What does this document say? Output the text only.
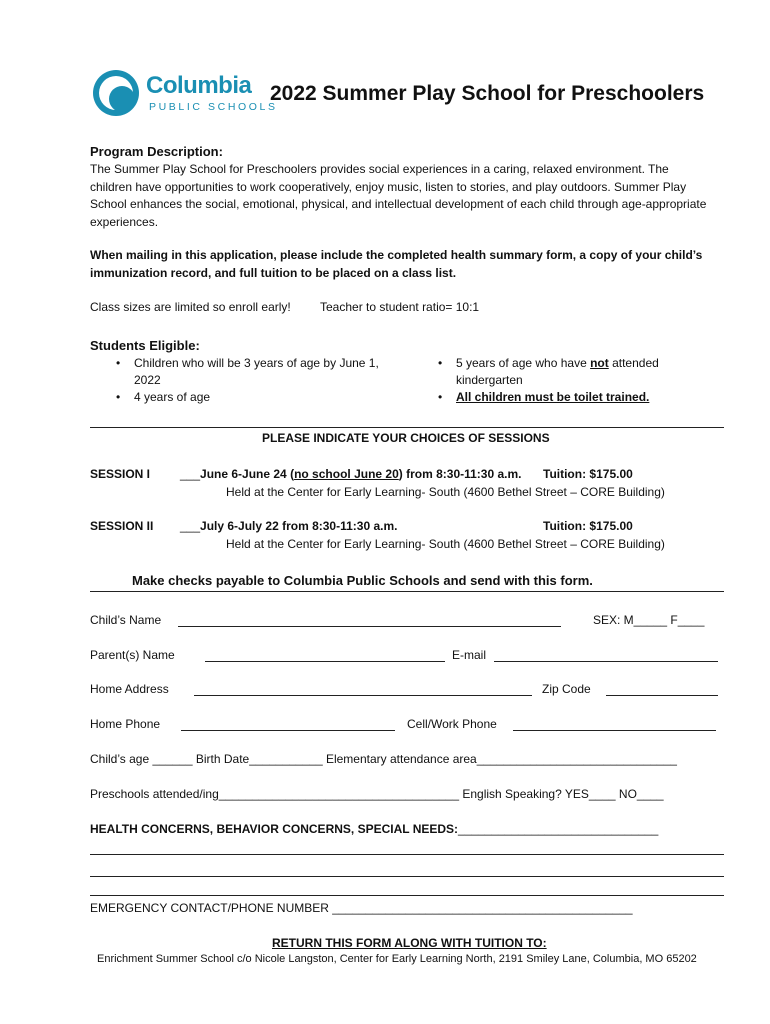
Columbia
PUBLIC SCHOOLS
2022 Summer Play School for Preschoolers
Program Description:
The Summer Play School for Preschoolers provides social experiences in a caring, relaxed environment. The children have opportunities to work cooperatively, enjoy music, listen to stories, and play outdoors. Summer Play School enhances the social, emotional, physical, and intellectual development of each child through age-appropriate experiences.
When mailing in this application, please include the completed health summary form, a copy of your child’s immunization record, and full tuition to be placed on a class list.
Class sizes are limited so enroll early! Teacher to student ratio= 10:1
Students Eligible:
• Children who will be 3 years of age by June 1, 2022
• 4 years of age
• 5 years of age who have not attended kindergarten
• All children must be toilet trained.
PLEASE INDICATE YOUR CHOICES OF SESSIONS
SESSION I ___June 6-June 24 (no school June 20) from 8:30-11:30 a.m. Tuition: $175.00
Held at the Center for Early Learning- South (4600 Bethel Street – CORE Building)
SESSION II ___July 6-July 22 from 8:30-11:30 a.m.	Tuition: $175.00
Held at the Center for Early Learning- South (4600 Bethel Street – CORE Building)
Make checks payable to Columbia Public Schools and send with this form.
Child’s Name	SEX: M_____ F____
Parent(s) Name	E-mail
Home Address	Zip Code
Home Phone	Cell/Work Phone
Child’s age ______ Birth Date___________ Elementary attendance area______________________________
Preschools attended/ing____________________________________ English Speaking? YES____ NO____
HEALTH CONCERNS, BEHAVIOR CONCERNS, SPECIAL NEEDS:______________________________
EMERGENCY CONTACT/PHONE NUMBER _____________________________________________
RETURN THIS FORM ALONG WITH TUITION TO:
Enrichment Summer School c/o Nicole Langston, Center for Early Learning North, 2191 Smiley Lane, Columbia, MO 65202
